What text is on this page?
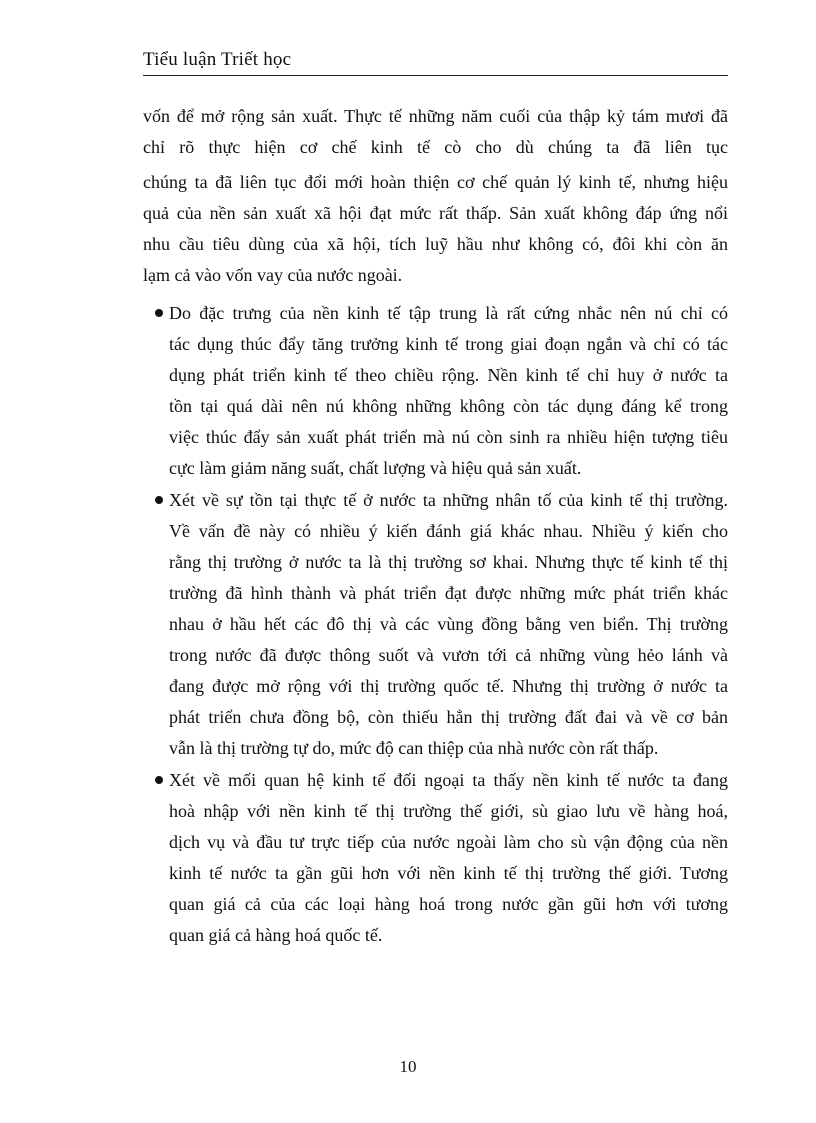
Tiểu luận Triết học

vốn để mở rộng sản xuất. Thực tế những năm cuối của thập kỷ tám mươi đã
chỉ rõ thực hiện cơ chế kinh tế cò cho dù chúng ta đã liên tục
chúng ta đã liên tục đổi mới hoàn thiện cơ chế quản lý kinh tế, nhưng hiệu
quả của nền sản xuất xã hội đạt mức rất thấp. Sản xuất không đáp ứng nổi
nhu cầu tiêu dùng của xã hội, tích luỹ hầu như không có, đôi khi còn ăn
lạm cả vào vốn vay của nước ngoài.

Do đặc trưng của nền kinh tế tập trung là rất cứng nhắc nên nú chỉ có
tác dụng thúc đẩy tăng trưởng kinh tế trong giai đoạn ngắn và chỉ có tác
dụng phát triển kinh tế theo chiều rộng. Nền kinh tế chỉ huy ở nước ta
tồn tại quá dài nên nú không những không còn tác dụng đáng kể trong
việc thúc đẩy sản xuất phát triển mà nú còn sinh ra nhiều hiện tượng tiêu
cực làm giảm năng suất, chất lượng và hiệu quả sản xuất.
Xét về sự tồn tại thực tế ở nước ta những nhân tố của kinh tế thị trường.
Về vấn đề này có nhiều ý kiến đánh giá khác nhau. Nhiều ý kiến cho
rằng thị trường ở nước ta là thị trường sơ khai. Nhưng thực tế kinh tế thị
trường đã hình thành và phát triển đạt được những mức phát triển khác
nhau ở hầu hết các đô thị và các vùng đồng bằng ven biển. Thị trường
trong nước đã được thông suốt và vươn tới cả những vùng hẻo lánh và
đang được mở rộng với thị trường quốc tế. Nhưng thị trường ở nước ta
phát triển chưa đồng bộ, còn thiếu hẳn thị trường đất đai và về cơ bản
vẫn là thị trường tự do, mức độ can thiệp của nhà nước còn rất thấp.
Xét về mối quan hệ kinh tế đối ngoại ta thấy nền kinh tế nước ta đang
hoà nhập với nền kinh tế thị trường thế giới, sù giao lưu về hàng hoá,
dịch vụ và đầu tư trực tiếp của nước ngoài làm cho sù vận động của nền
kinh tế nước ta gần gũi hơn với nền kinh tế thị trường thế giới. Tương
quan giá cả của các loại hàng hoá trong nước gần gũi hơn với tương
quan giá cả hàng hoá quốc tế.
10
